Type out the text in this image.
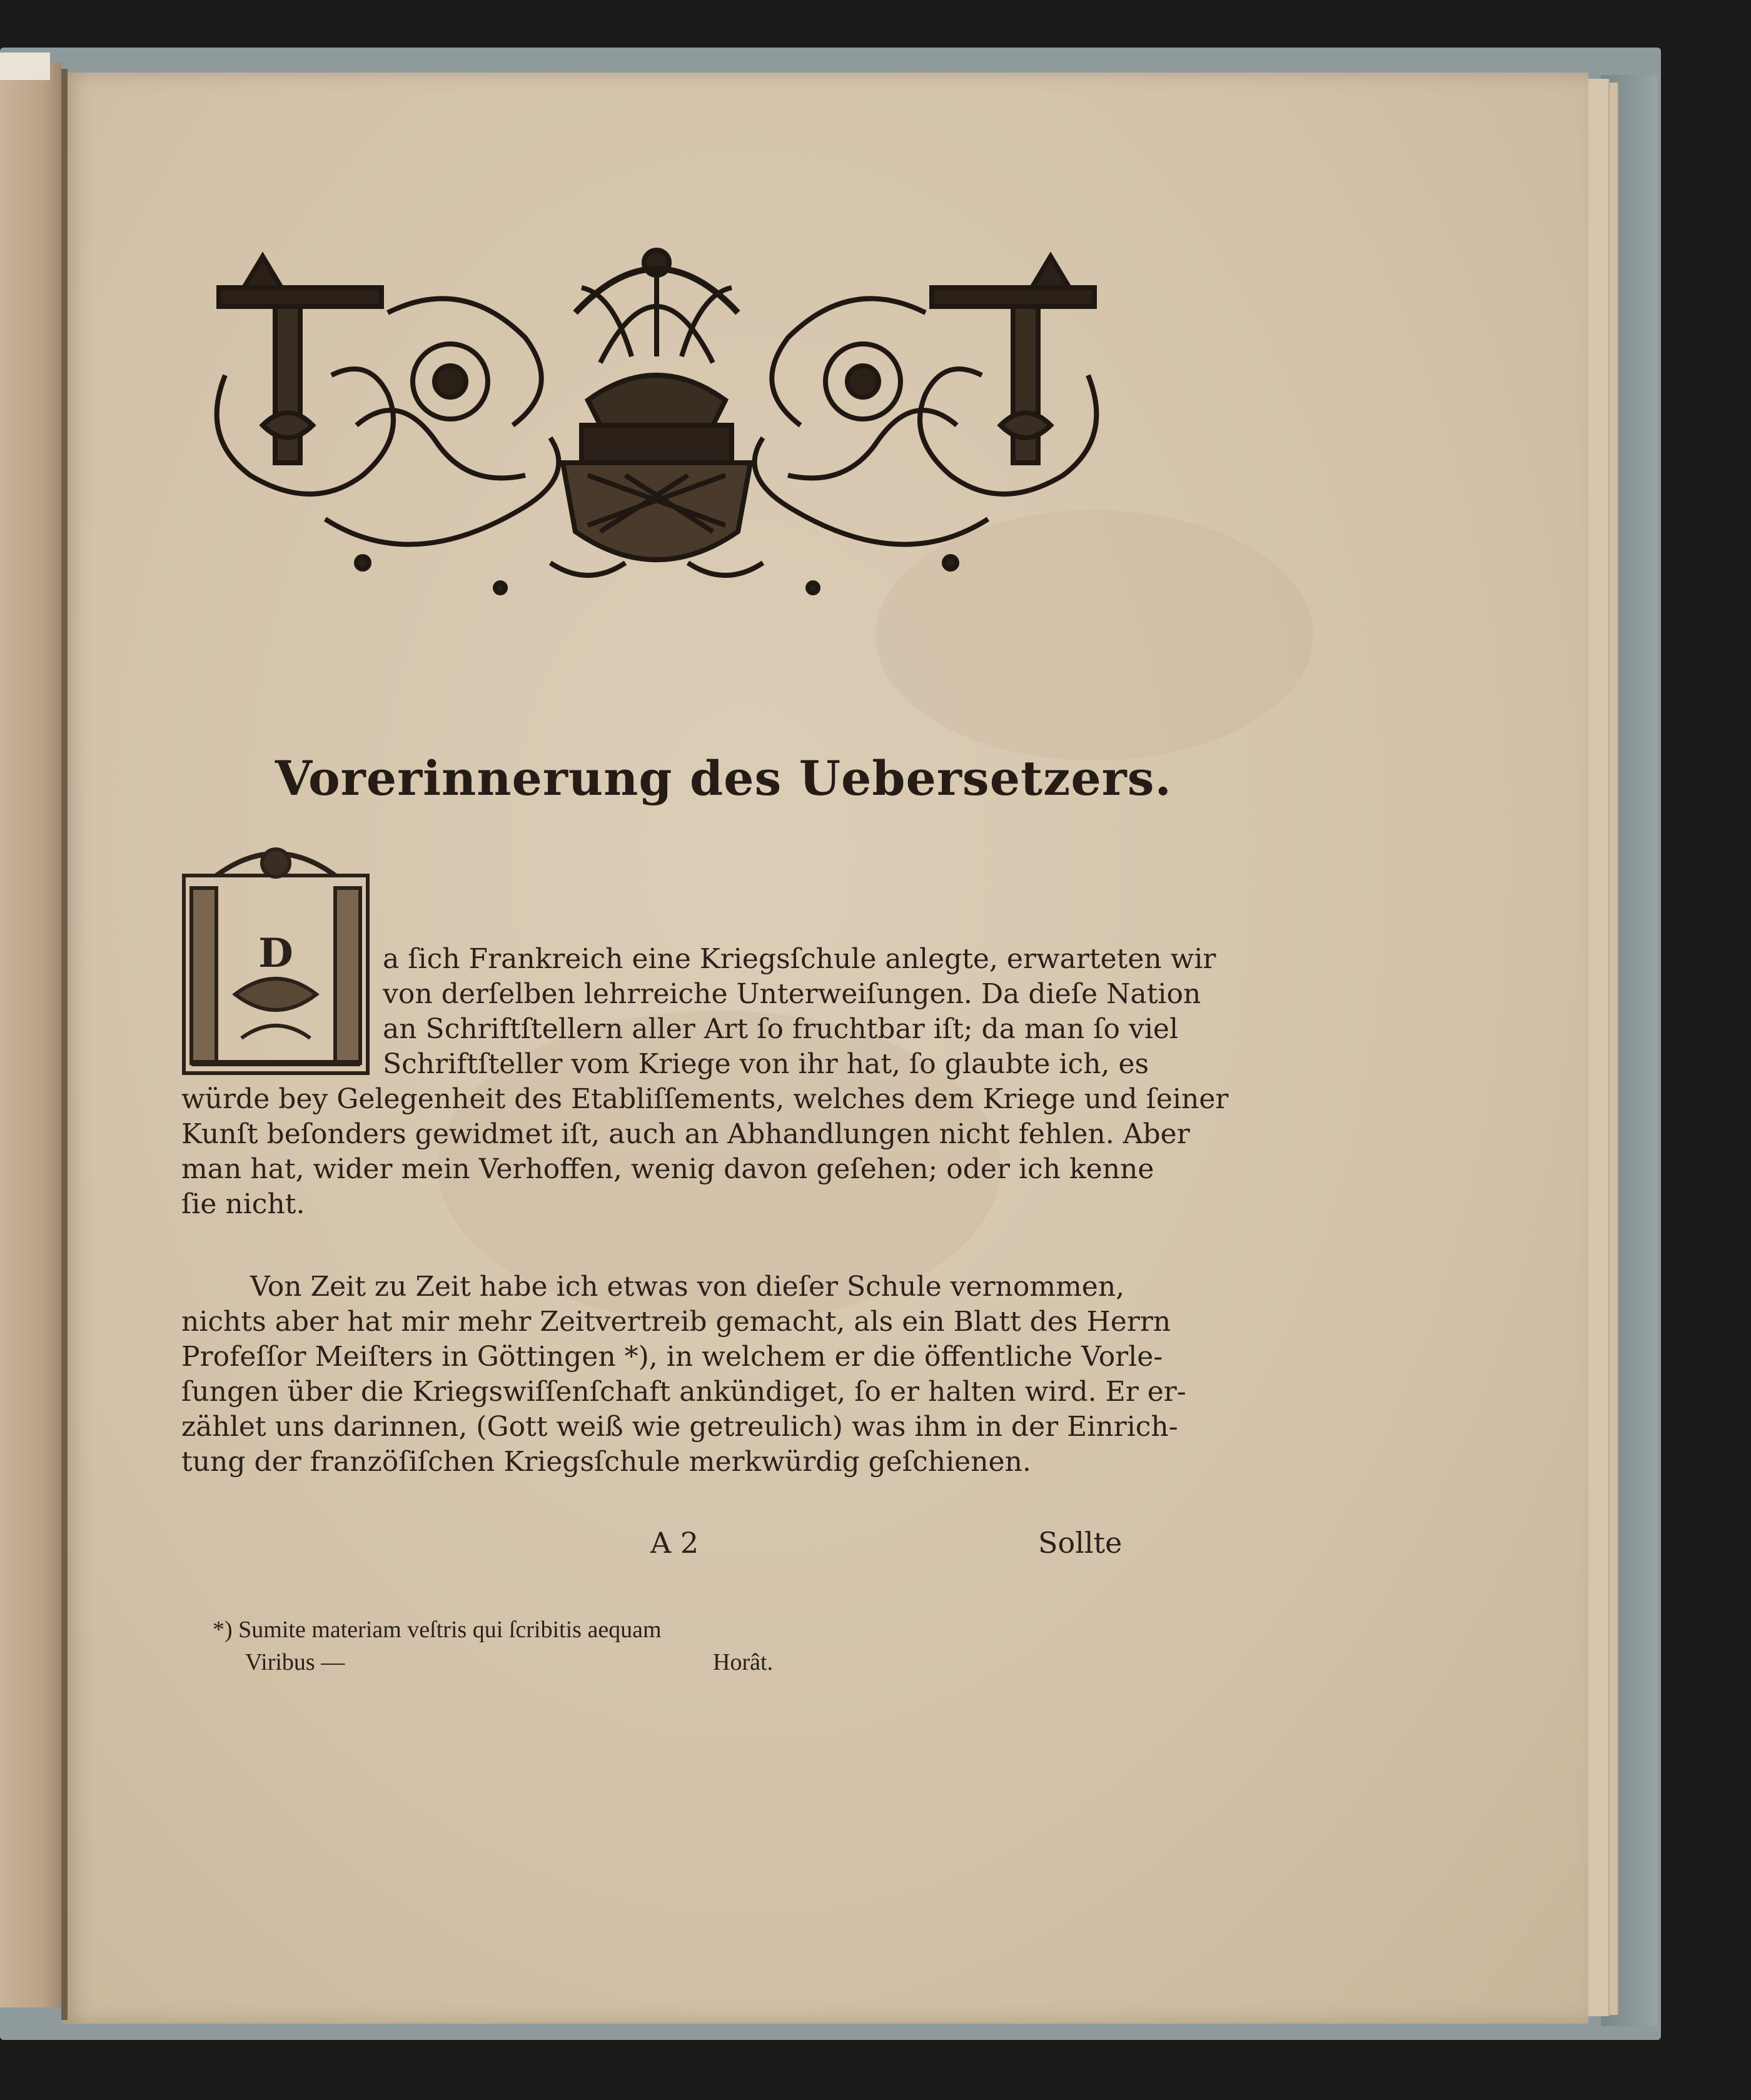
Vorerinnerung des Uebersetzers.
D	a ſich Frankreich eine Kriegsſchule anlegte, erwarteten wir
von derſelben lehrreiche Unterweiſungen. Da dieſe Nation
an Schriftſtellern aller Art ſo fruchtbar iſt; da man ſo viel
Schriftſteller vom Kriege von ihr hat, ſo glaubte ich, es
würde bey Gelegenheit des Etabliſſements, welches dem Kriege und ſeiner
Kunſt beſonders gewidmet iſt, auch an Abhandlungen nicht fehlen. Aber
man hat, wider mein Verhoffen, wenig davon geſehen; oder ich kenne
ſie nicht.
Von Zeit zu Zeit habe ich etwas von dieſer Schule vernommen,
nichts aber hat mir mehr Zeitvertreib gemacht, als ein Blatt des Herrn
Profeſſor Meiſters in Göttingen *), in welchem er die öffentliche Vorle-
ſungen über die Kriegswiſſenſchaft ankündiget, ſo er halten wird. Er er-
zählet uns darinnen, (Gott weiß wie getreulich) was ihm in der Einrich-
tung der franzöſiſchen Kriegsſchule merkwürdig geſchienen.
A 2	Sollte
*) Sumite materiam veſtris qui ſcribitis aequam
Viribus —	Horât.
